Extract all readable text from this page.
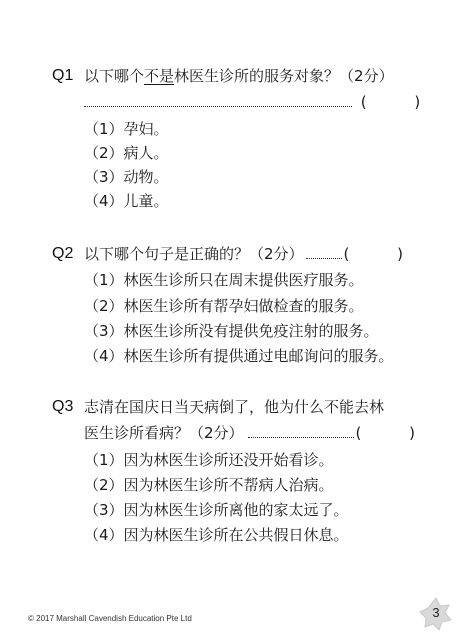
Q1 以下哪个不是林医生诊所的服务对象？（2分）
(          )
（1）孕妇。
（2）病人。
（3）动物。
（4）儿童。
Q2 以下哪个句子是正确的？（2分）	(          )
（1）林医生诊所只在周末提供医疗服务。
（2）林医生诊所有帮孕妇做检查的服务。
（3）林医生诊所没有提供免疫注射的服务。
（4）林医生诊所有提供通过电邮询问的服务。
Q3 志清在国庆日当天病倒了，他为什么不能去林
医生诊所看病？（2分）	(          )
（1）因为林医生诊所还没开始看诊。
（2）因为林医生诊所不帮病人治病。
（3）因为林医生诊所离他的家太远了。
（4）因为林医生诊所在公共假日休息。
© 2017 Marshall Cavendish Education Pte Ltd	3
